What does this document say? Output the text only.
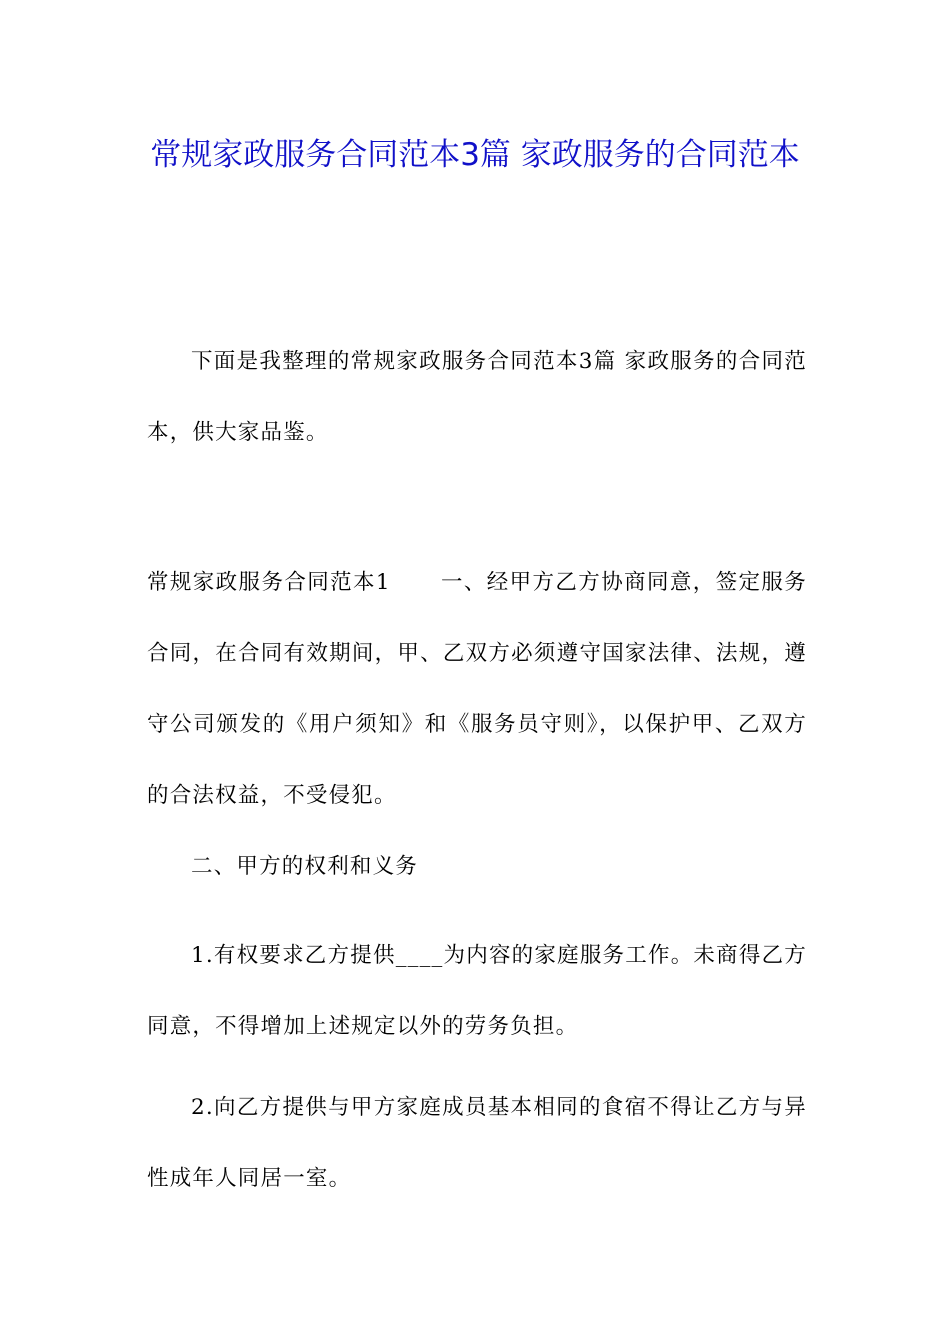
常规家政服务合同范本3篇 家政服务的合同范本

下面是我整理的常规家政服务合同范本3篇 家政服务的合同范本，供大家品鉴。

常规家政服务合同范本1 一、经甲方乙方协商同意，签定服务合同，在合同有效期间，甲、乙双方必须遵守国家法律、法规，遵守公司颁发的《用户须知》和《服务员守则》，以保护甲、乙双方的合法权益，不受侵犯。

二、甲方的权利和义务

1.有权要求乙方提供____为内容的家庭服务工作。未商得乙方同意，不得增加上述规定以外的劳务负担。

2.向乙方提供与甲方家庭成员基本相同的食宿不得让乙方与异性成年人同居一室。
